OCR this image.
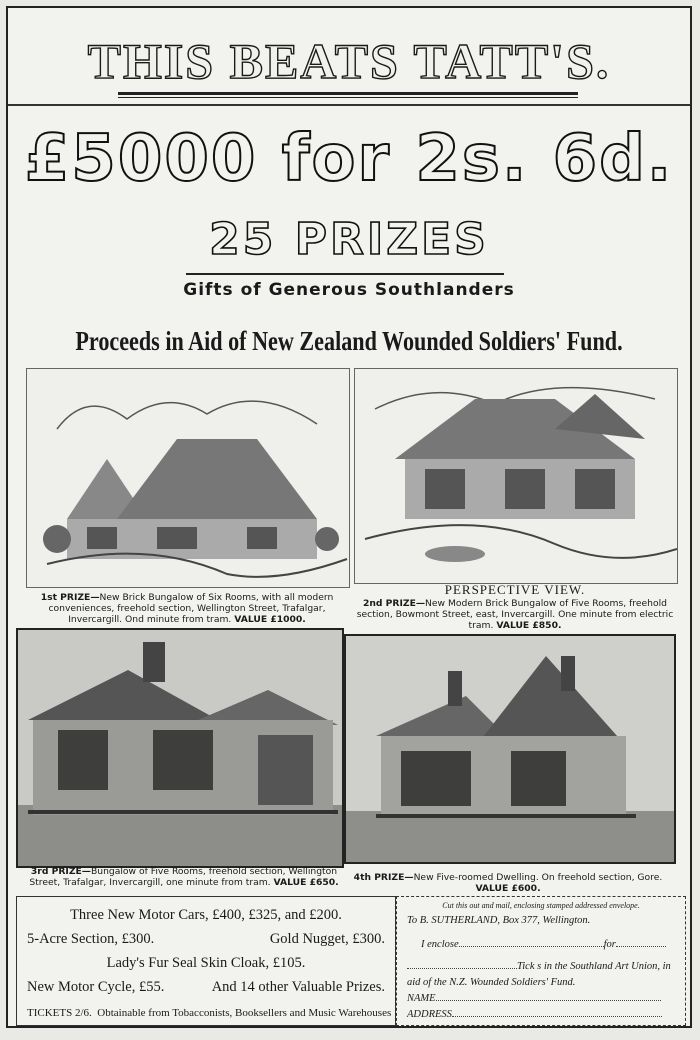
THIS BEATS TATT'S.
£5000 for 2s. 6d.
25 PRIZES
Gifts of Generous Southlanders
Proceeds in Aid of New Zealand Wounded Soldiers' Fund.
PERSPECTIVE VIEW.
1st PRIZE—New Brick Bungalow of Six Rooms, with all modern conveniences, freehold section, Wellington Street, Trafalgar, Invercargill. Ond minute from tram. VALUE £1000.
2nd PRIZE—New Modern Brick Bungalow of Five Rooms, freehold section, Bowmont Street, east, Invercargill. One minute from electric tram. VALUE £850.
3rd PRIZE—Bungalow of Five Rooms, freehold section, Wellington Street, Trafalgar, Invercargill, one minute from tram. VALUE £650.	4th PRIZE—New Five-roomed Dwelling. On freehold section, Gore. VALUE £600.
Three New Motor Cars, £400, £325, and £200.
5-Acre Section, £300.	Gold Nugget, £300.
Lady's Fur Seal Skin Cloak, £105.
New Motor Cycle, £55.	And 14 other Valuable Prizes.
TICKETS 2/6. Obtainable from Tobacconists, Booksellers and Music Warehouses
Cut this out and mail, enclosing stamped addressed envelope.
To B. SUTHERLAND, Box 377, Wellington.
I enclose	for
Tick s in the Southland Art Union, in
aid of the N.Z. Wounded Soldiers' Fund.
NAME
ADDRESS
